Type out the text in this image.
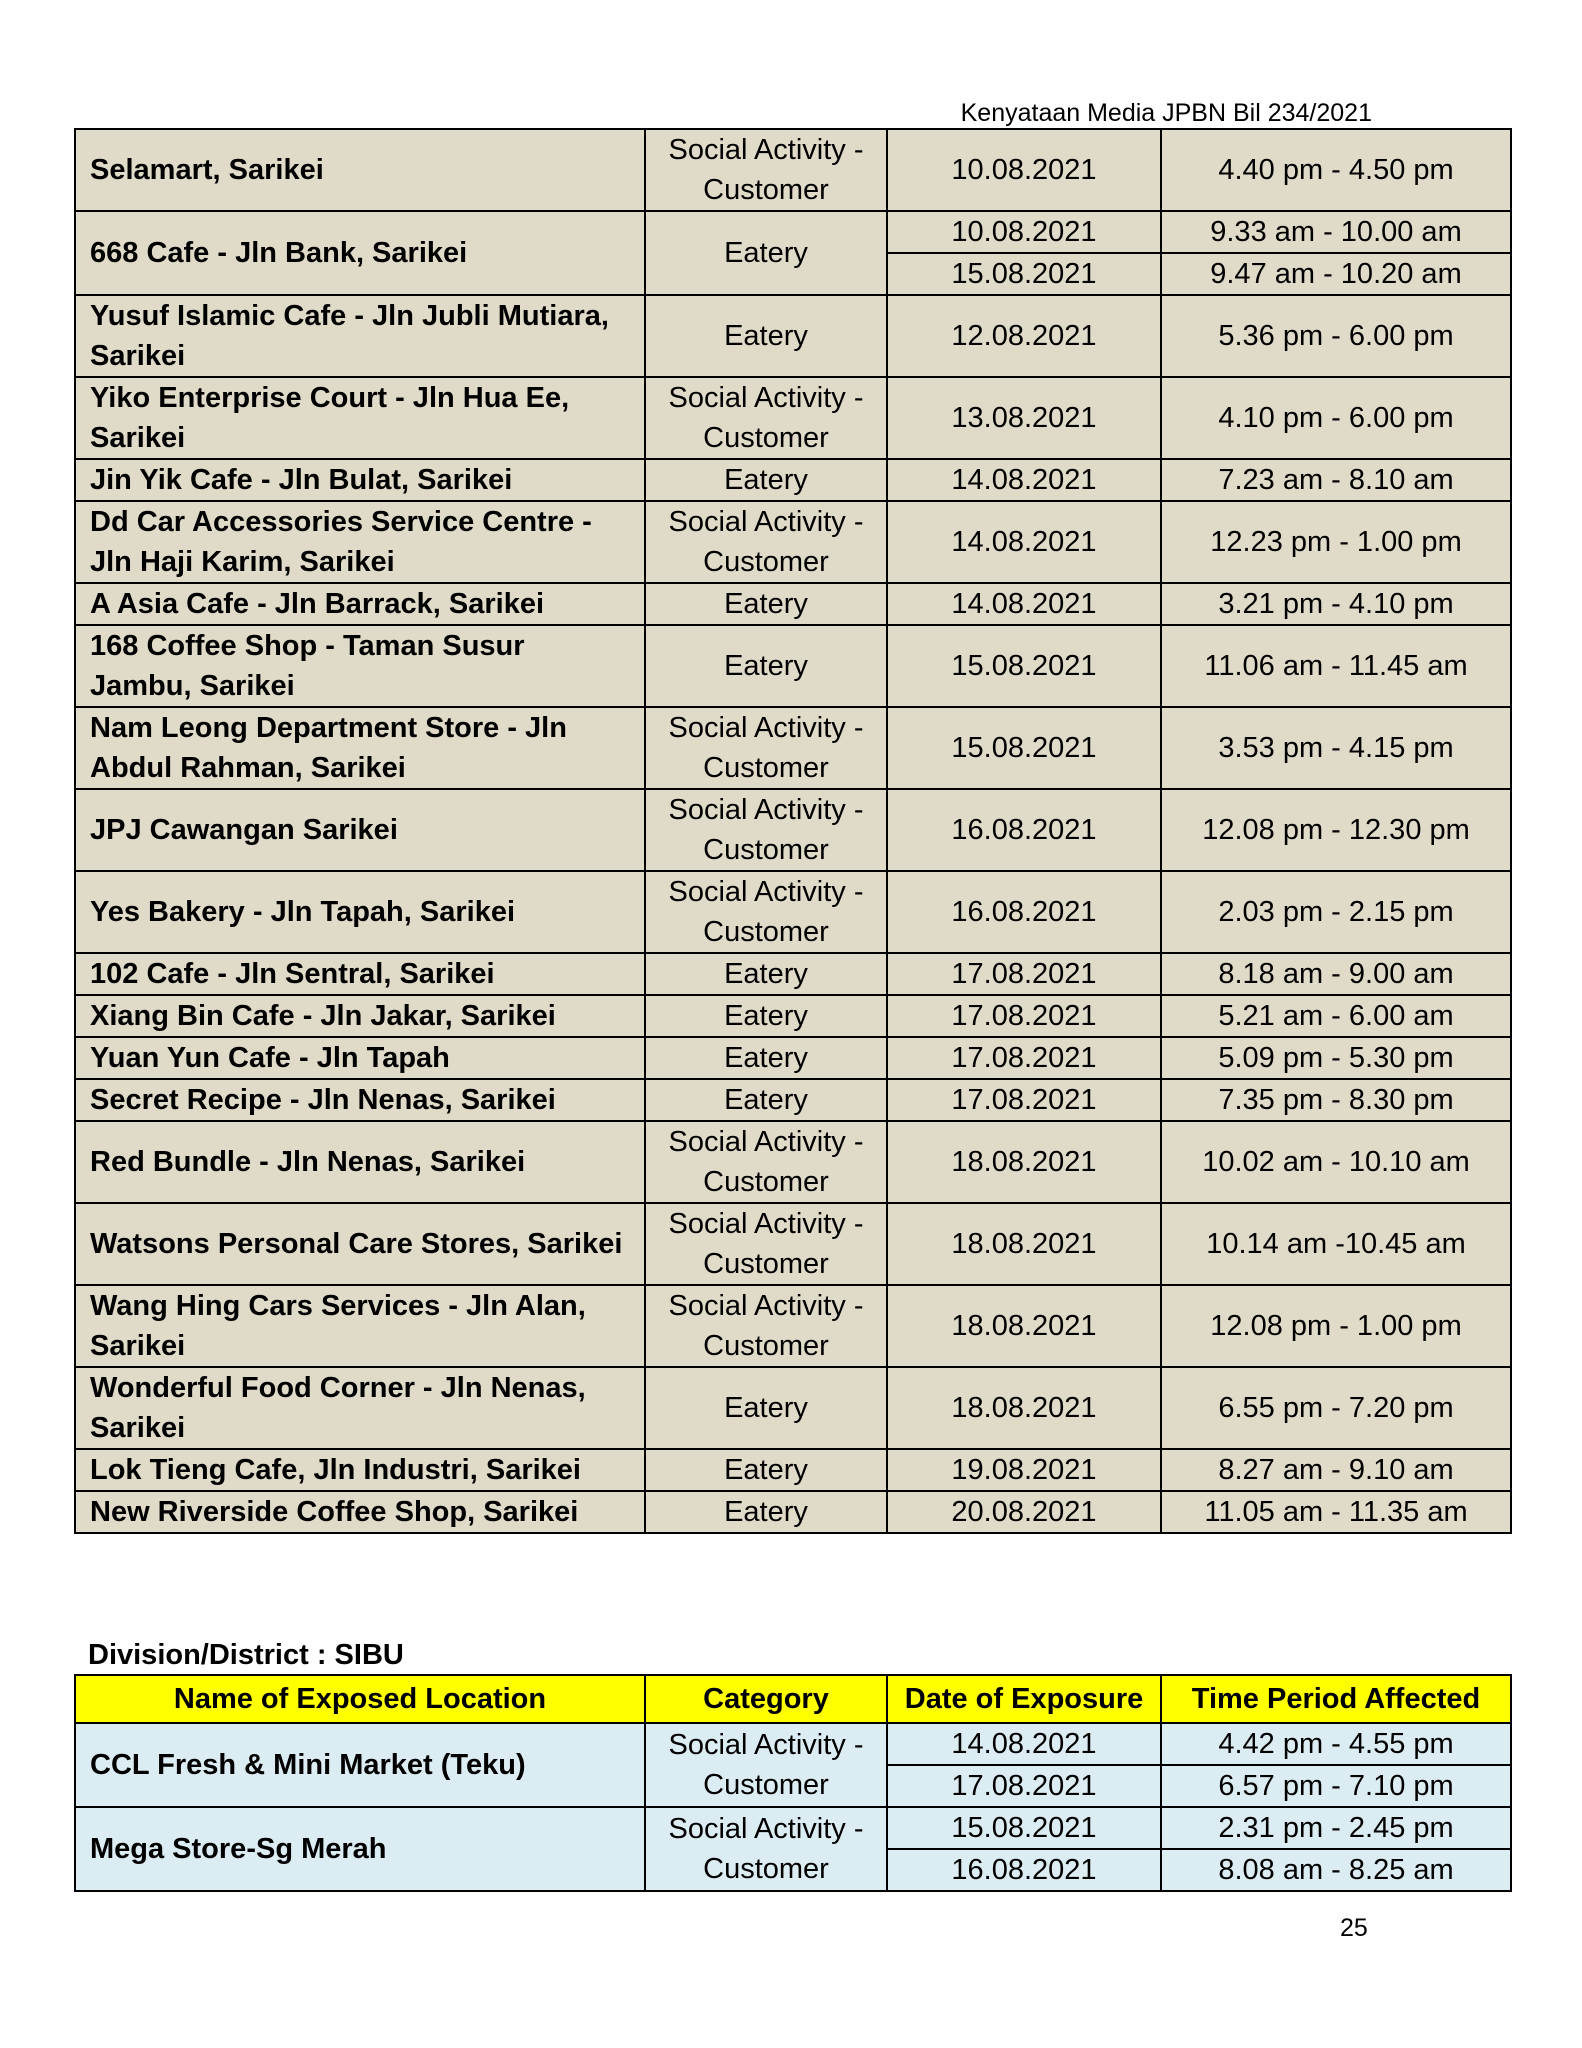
Kenyataan Media JPBN Bil 234/2021
Selamart, Sarikei	Social Activity - Customer	10.08.2021	4.40 pm - 4.50 pm
668 Cafe - Jln Bank, Sarikei	Eatery	10.08.2021	9.33 am - 10.00 am
		15.08.2021	9.47 am - 10.20 am
Yusuf Islamic Cafe - Jln Jubli Mutiara, Sarikei	Eatery	12.08.2021	5.36 pm - 6.00 pm
Yiko Enterprise Court - Jln Hua Ee, Sarikei	Social Activity - Customer	13.08.2021	4.10 pm - 6.00 pm
Jin Yik Cafe - Jln Bulat, Sarikei	Eatery	14.08.2021	7.23 am - 8.10 am
Dd Car Accessories Service Centre - Jln Haji Karim, Sarikei	Social Activity - Customer	14.08.2021	12.23 pm - 1.00 pm
A Asia Cafe - Jln Barrack, Sarikei	Eatery	14.08.2021	3.21 pm - 4.10 pm
168 Coffee Shop - Taman Susur Jambu, Sarikei	Eatery	15.08.2021	11.06 am - 11.45 am
Nam Leong Department Store - Jln Abdul Rahman, Sarikei	Social Activity - Customer	15.08.2021	3.53 pm - 4.15 pm
JPJ Cawangan Sarikei	Social Activity - Customer	16.08.2021	12.08 pm - 12.30 pm
Yes Bakery - Jln Tapah, Sarikei	Social Activity - Customer	16.08.2021	2.03 pm - 2.15 pm
102 Cafe - Jln Sentral, Sarikei	Eatery	17.08.2021	8.18 am - 9.00 am
Xiang Bin Cafe - Jln Jakar, Sarikei	Eatery	17.08.2021	5.21 am - 6.00 am
Yuan Yun Cafe - Jln Tapah	Eatery	17.08.2021	5.09 pm - 5.30 pm
Secret Recipe - Jln Nenas, Sarikei	Eatery	17.08.2021	7.35 pm - 8.30 pm
Red Bundle - Jln Nenas, Sarikei	Social Activity - Customer	18.08.2021	10.02 am - 10.10 am
Watsons Personal Care Stores, Sarikei	Social Activity - Customer	18.08.2021	10.14 am -10.45 am
Wang Hing Cars Services - Jln Alan, Sarikei	Social Activity - Customer	18.08.2021	12.08 pm - 1.00 pm
Wonderful Food Corner - Jln Nenas, Sarikei	Eatery	18.08.2021	6.55 pm - 7.20 pm
Lok Tieng Cafe, Jln Industri, Sarikei	Eatery	19.08.2021	8.27 am - 9.10 am
New Riverside Coffee Shop, Sarikei	Eatery	20.08.2021	11.05 am - 11.35 am
Division/District : SIBU
Name of Exposed Location	Category	Date of Exposure	Time Period Affected
CCL Fresh & Mini Market (Teku)	Social Activity - Customer	14.08.2021	4.42 pm - 4.55 pm
		17.08.2021	6.57 pm - 7.10 pm
Mega Store-Sg Merah	Social Activity - Customer	15.08.2021	2.31 pm - 2.45 pm
		16.08.2021	8.08 am - 8.25 am
25
